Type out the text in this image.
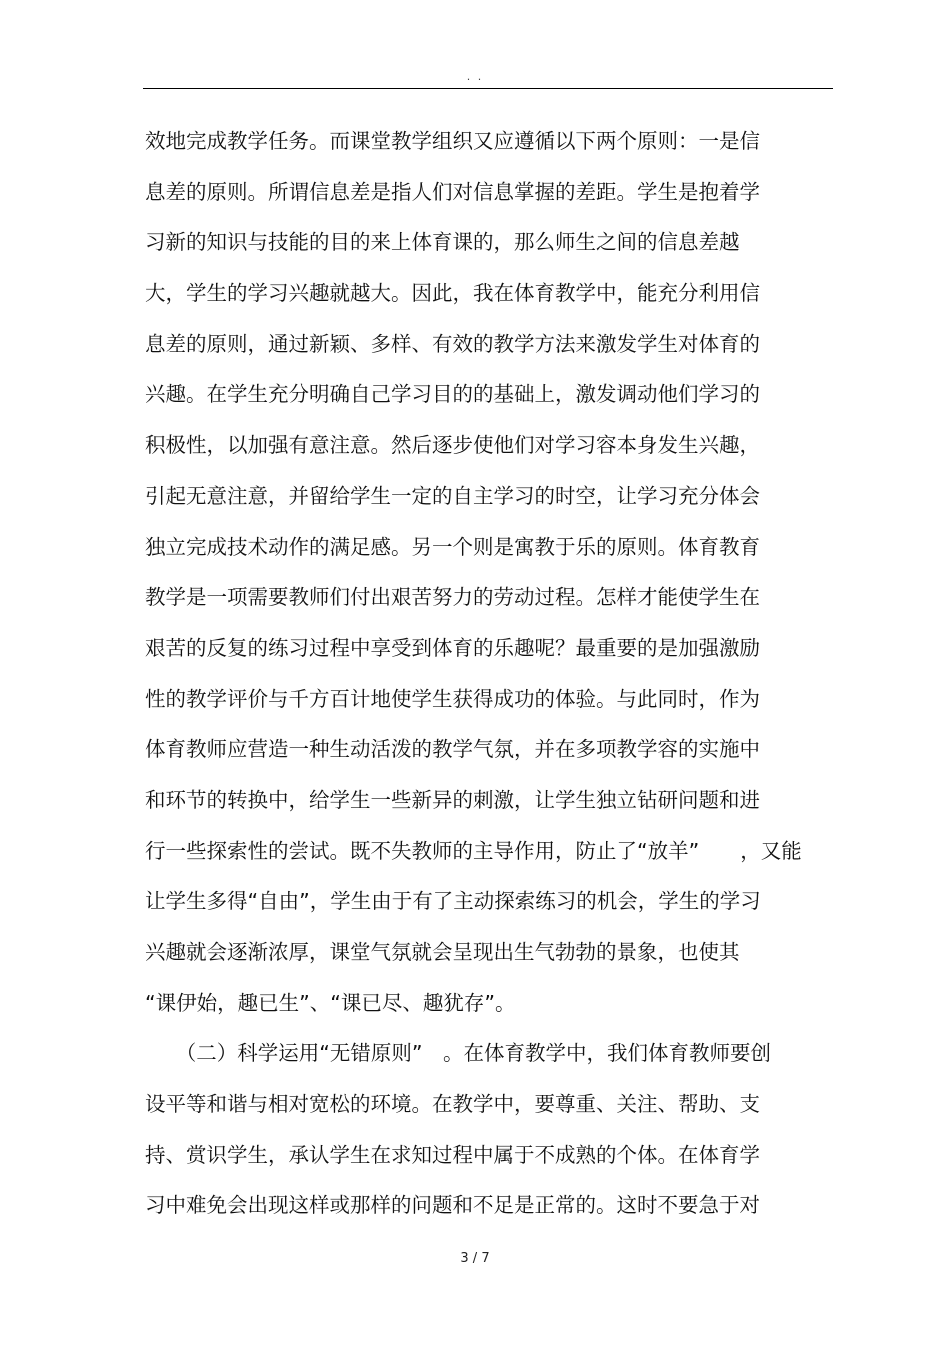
. .
效地完成教学任务。而课堂教学组织又应遵循以下两个原则：一是信
息差的原则。所谓信息差是指人们对信息掌握的差距。学生是抱着学
习新的知识与技能的目的来上体育课的，那么师生之间的信息差越
大，学生的学习兴趣就越大。因此，我在体育教学中，能充分利用信
息差的原则，通过新颖、多样、有效的教学方法来激发学生对体育的
兴趣。在学生充分明确自己学习目的的基础上，激发调动他们学习的
积极性，以加强有意注意。然后逐步使他们对学习容本身发生兴趣，
引起无意注意，并留给学生一定的自主学习的时空，让学习充分体会
独立完成技术动作的满足感。另一个则是寓教于乐的原则。体育教育
教学是一项需要教师们付出艰苦努力的劳动过程。怎样才能使学生在
艰苦的反复的练习过程中享受到体育的乐趣呢？最重要的是加强激励
性的教学评价与千方百计地使学生获得成功的体验。与此同时，作为
体育教师应营造一种生动活泼的教学气氛，并在多项教学容的实施中
和环节的转换中，给学生一些新异的刺激，让学生独立钻研问题和进
行一些探索性的尝试。既不失教师的主导作用，防止了“放羊”　　，又能
让学生多得“自由”，学生由于有了主动探索练习的机会，学生的学习
兴趣就会逐渐浓厚，课堂气氛就会呈现出生气勃勃的景象，也使其
“课伊始，趣已生”、“课已尽、趣犹存”。
　　（二）科学运用“无错原则”　。在体育教学中，我们体育教师要创
设平等和谐与相对宽松的环境。在教学中，要尊重、关注、帮助、支
持、赏识学生，承认学生在求知过程中属于不成熟的个体。在体育学
习中难免会出现这样或那样的问题和不足是正常的。这时不要急于对
3 / 7
